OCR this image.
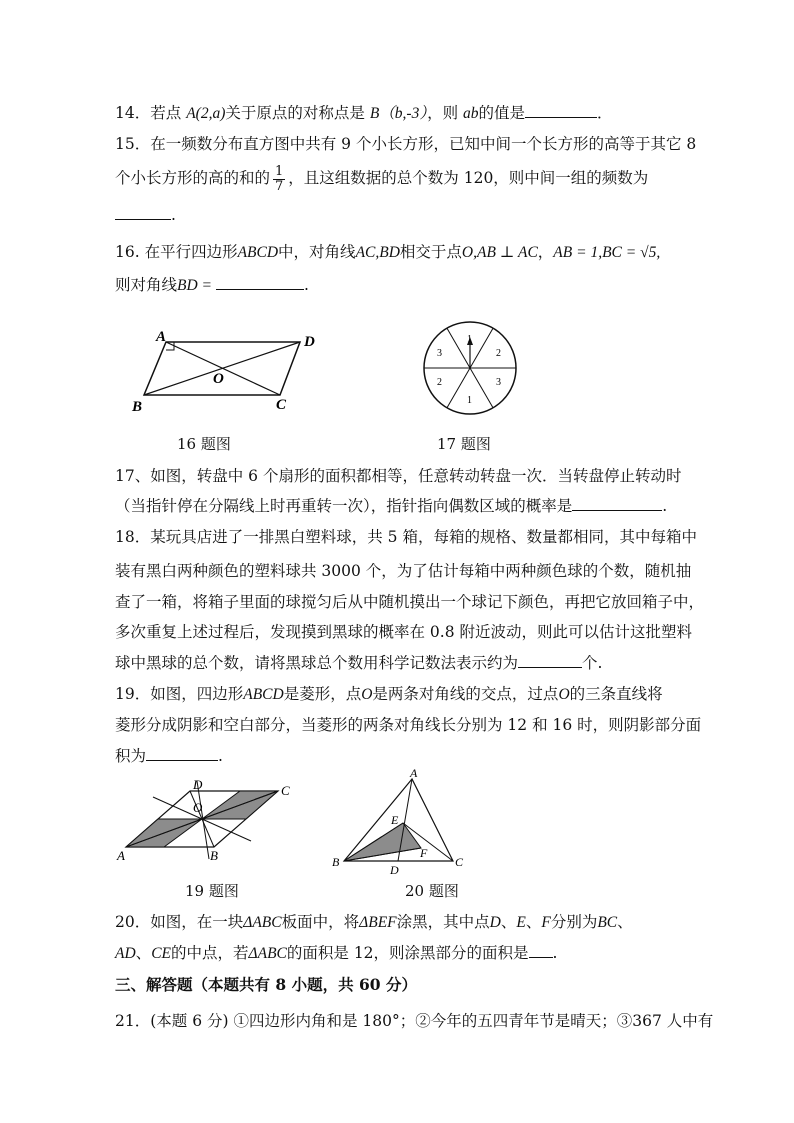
14．若点 A(2,a)关于原点的对称点是 B（b,-3），则 ab的值是	．
15．在一频数分布直方图中共有 9 个小长方形，已知中间一个长方形的高等于其它 8
个小长方形的高的和的 $\frac{1}{7}$ ，且这组数据的总个数为 120，则中间一组的频数为
.
16. 在平行四边形ABCD中，对角线AC,BD相交于点O,AB ⊥ AC，AB = 1,BC = √5,
则对角线BD =	.
A	D
O
B	C
16 题图
1
2
3
1
2	3
17 题图
17、如图，转盘中 6 个扇形的面积都相等，任意转动转盘一次．当转盘停止转动时
（当指针停在分隔线上时再重转一次），指针指向偶数区域的概率是	.
18．某玩具店进了一排黑白塑料球，共 5 箱，每箱的规格、数量都相同，其中每箱中
装有黑白两种颜色的塑料球共 3000 个，为了估计每箱中两种颜色球的个数，随机抽
查了一箱，将箱子里面的球搅匀后从中随机摸出一个球记下颜色，再把它放回箱子中，
多次重复上述过程后，发现摸到黑球的概率在 0.8 附近波动，则此可以估计这批塑料
球中黑球的总个数，请将黑球总个数用科学记数法表示约为	个.
19．如图，四边形ABCD是菱形，点O是两条对角线的交点，过点O的三条直线将
菱形分成阴影和空白部分，当菱形的两条对角线长分别为 12 和 16 时，则阴影部分面
积为	.
D
O
C
A	B
19 题图
A
E
F
B
D
C
20 题图
20．如图，在一块ΔABC板面中，将ΔBEF涂黑，其中点D、E、F分别为BC、
AD、CE的中点，若ΔABC的面积是 12，则涂黑部分的面积是 .
三、解答题（本题共有 8 小题，共 60 分）
21．(本题 6 分) ①四边形内角和是 180°；②今年的五四青年节是晴天；③367 人中有
